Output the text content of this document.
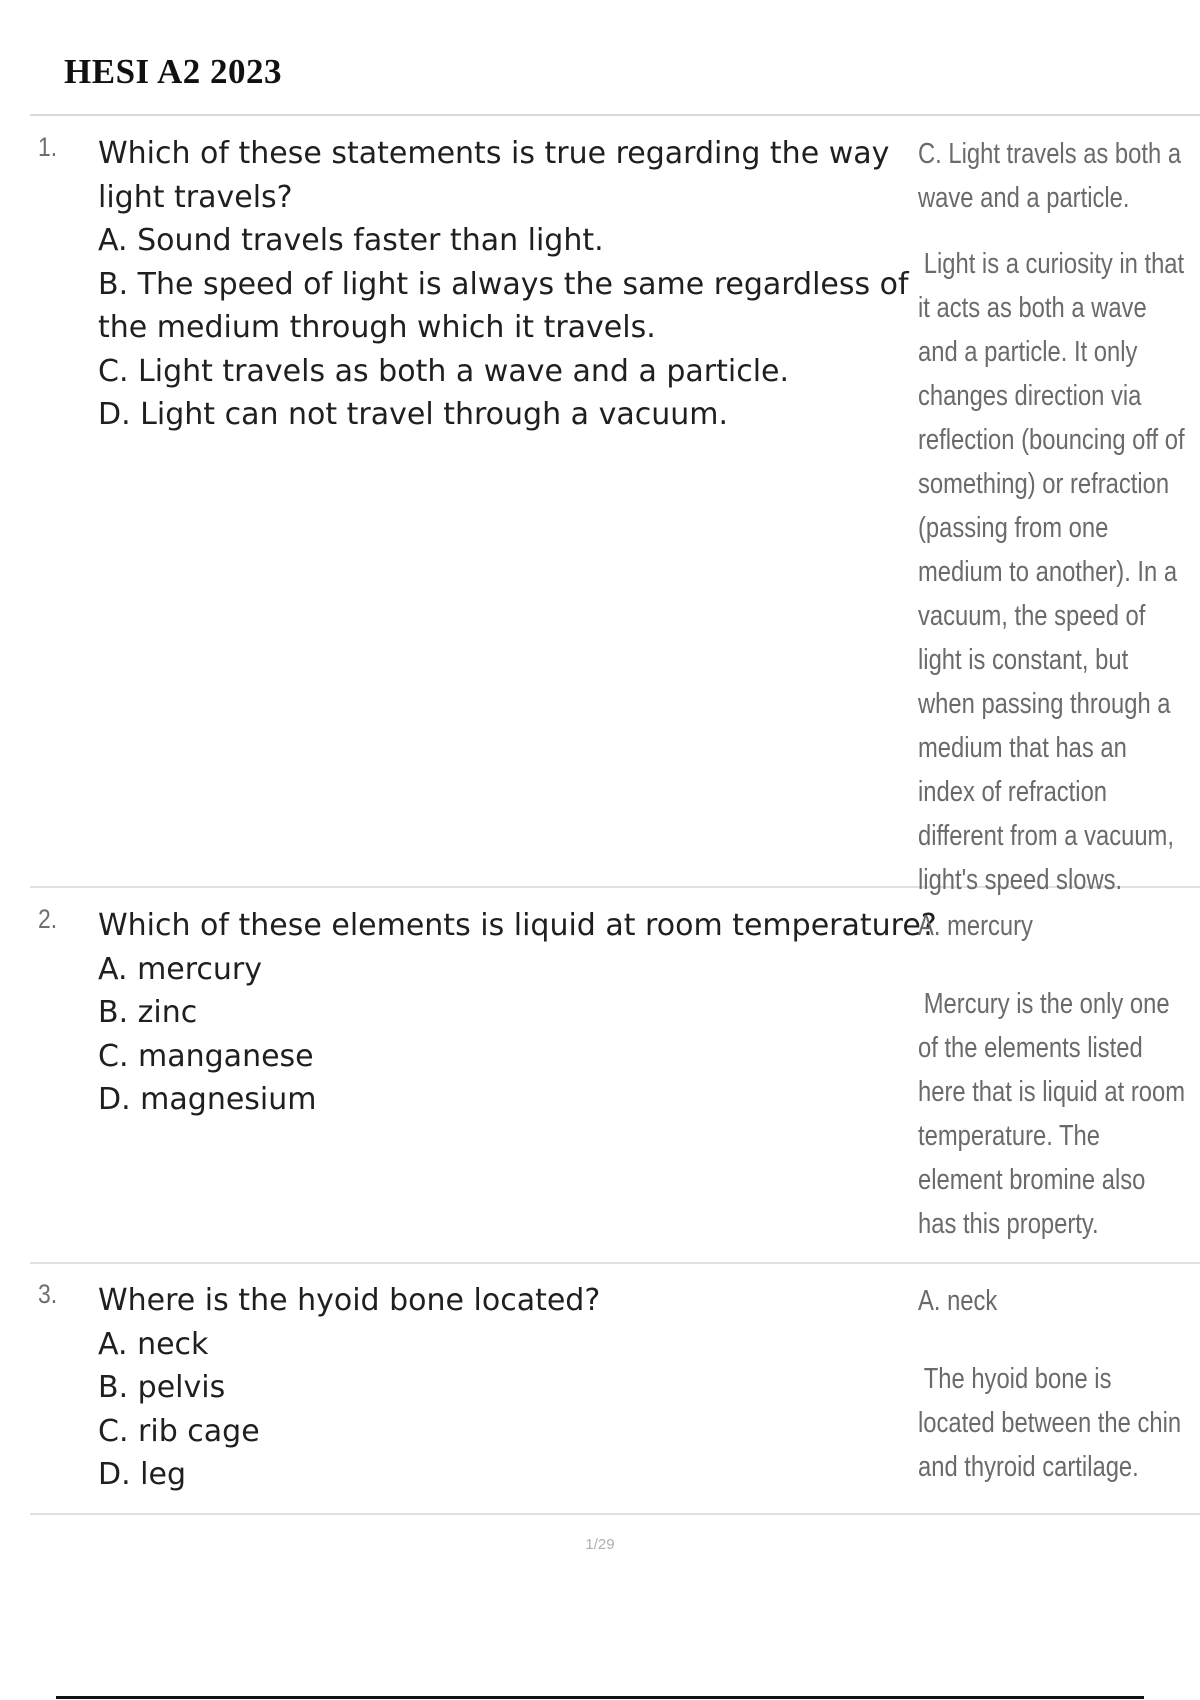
HESI A2 2023
1. Which of these statements is true regarding the way light travels?

A. Sound travels faster than light.
B. The speed of light is always the same regardless of the medium through which it travels.
C. Light travels as both a wave and a particle.
D. Light can not travel through a vacuum.

C. Light travels as both a wave and a particle.

Light is a curiosity in that it acts as both a wave and a particle. It only changes direction via reflection (bouncing off of something) or refraction (passing from one medium to another). In a vacuum, the speed of light is constant, but when passing through a medium that has an index of refraction different from a vacuum, light's speed slows.

2. Which of these elements is liquid at room temperature?

A. mercury
B. zinc
C. manganese
D. magnesium

A. mercury

Mercury is the only one of the elements listed here that is liquid at room temperature. The element bromine also has this property.

3. Where is the hyoid bone located?

A. neck
B. pelvis
C. rib cage
D. leg

A. neck

The hyoid bone is located between the chin and thyroid cartilage.

1/29
